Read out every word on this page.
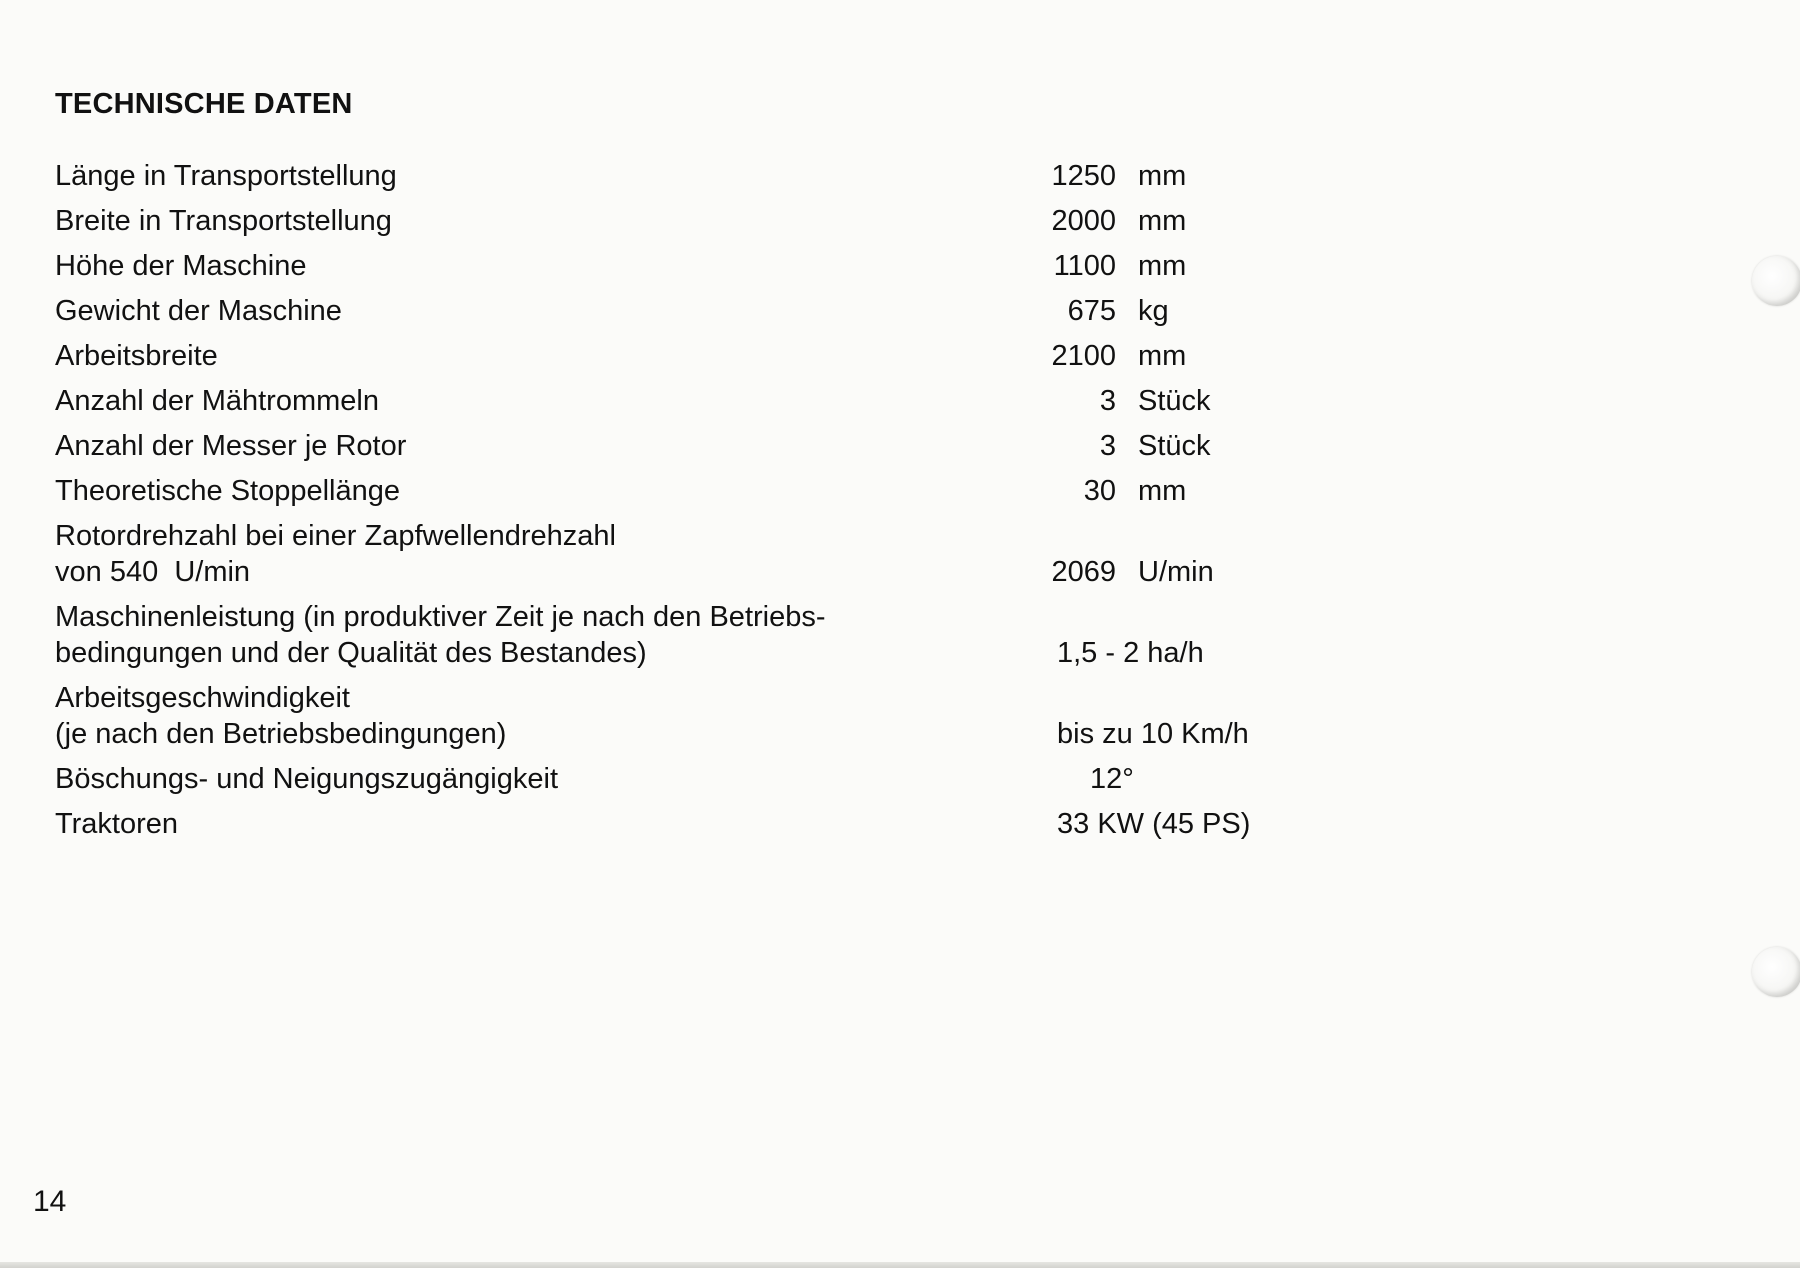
TECHNISCHE DATEN
Länge in Transportstellung	1250 mm
Breite in Transportstellung	2000 mm
Höhe der Maschine	1100 mm
Gewicht der Maschine	675 kg
Arbeitsbreite	2100 mm
Anzahl der Mähtrommeln	3 Stück
Anzahl der Messer je Rotor	3 Stück
Theoretische Stoppellänge	30 mm
Rotordrehzahl bei einer Zapfwellendrehzahl
von 540  U/min	2069 U/min
Maschinenleistung (in produktiver Zeit je nach den Betriebs-
bedingungen und der Qualität des Bestandes)	1,5 - 2 ha/h
Arbeitsgeschwindigkeit
(je nach den Betriebsbedingungen)	bis zu 10 Km/h
Böschungs- und Neigungszugängigkeit	12°
Traktoren	33 KW (45 PS)
14
